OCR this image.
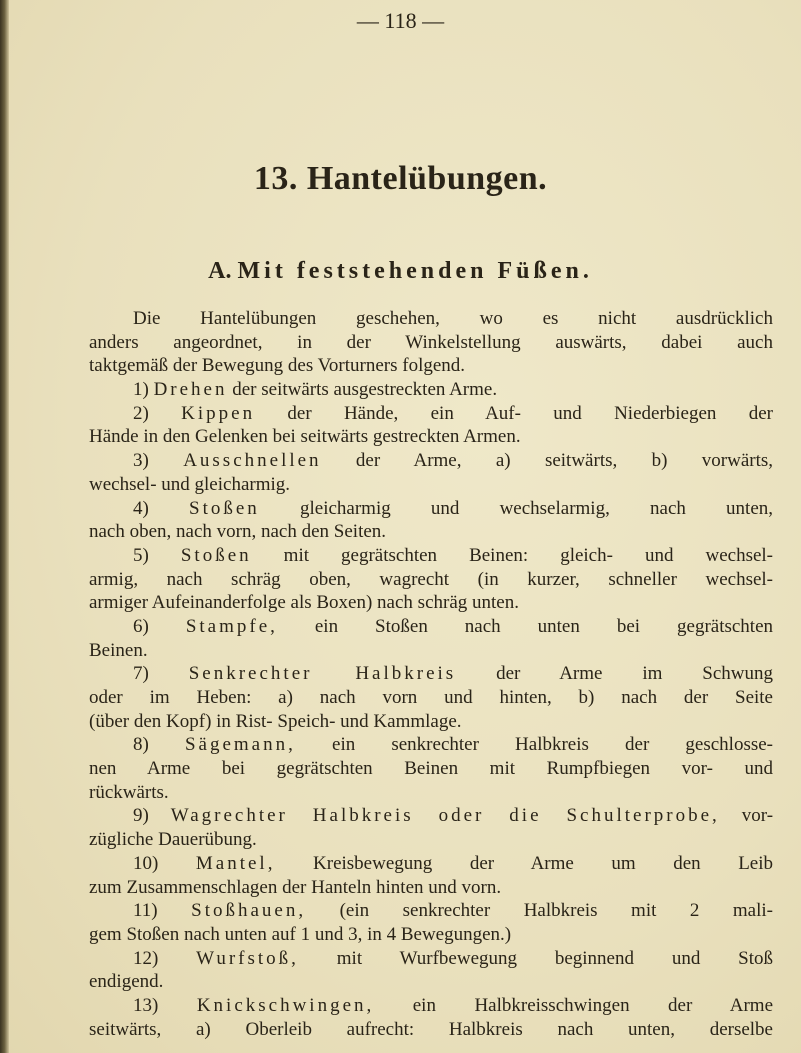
— 118 —
13. Hantelübungen.
A. Mit feststehenden Füßen.
Die Hantelübungen geschehen, wo es nicht ausdrücklich
anders angeordnet, in der Winkelstellung auswärts, dabei auch
taktgemäß der Bewegung des Vorturners folgend.
1) Drehen der seitwärts ausgestreckten Arme.
2) Kippen der Hände, ein Auf- und Niederbiegen der
Hände in den Gelenken bei seitwärts gestreckten Armen.
3) Ausschnellen der Arme, a) seitwärts, b) vorwärts,
wechsel- und gleicharmig.
4) Stoßen gleicharmig und wechselarmig, nach unten,
nach oben, nach vorn, nach den Seiten.
5) Stoßen mit gegrätschten Beinen: gleich- und wechsel-
armig, nach schräg oben, wagrecht (in kurzer, schneller wechsel-
armiger Aufeinanderfolge als Boxen) nach schräg unten.
6) Stampfe, ein Stoßen nach unten bei gegrätschten
Beinen.
7) Senkrechter Halbkreis der Arme im Schwung
oder im Heben: a) nach vorn und hinten, b) nach der Seite
(über den Kopf) in Rist- Speich- und Kammlage.
8) Sägemann, ein senkrechter Halbkreis der geschlosse-
nen Arme bei gegrätschten Beinen mit Rumpfbiegen vor- und
rückwärts.
9) Wagrechter Halbkreis oder die Schulterprobe, vor-
zügliche Dauerübung.
10) Mantel, Kreisbewegung der Arme um den Leib
zum Zusammenschlagen der Hanteln hinten und vorn.
11) Stoßhauen, (ein senkrechter Halbkreis mit 2 mali-
gem Stoßen nach unten auf 1 und 3, in 4 Bewegungen.)
12) Wurfstoß, mit Wurfbewegung beginnend und Stoß
endigend.
13) Knickschwingen, ein Halbkreisschwingen der Arme
seitwärts, a) Oberleib aufrecht: Halbkreis nach unten, derselbe
